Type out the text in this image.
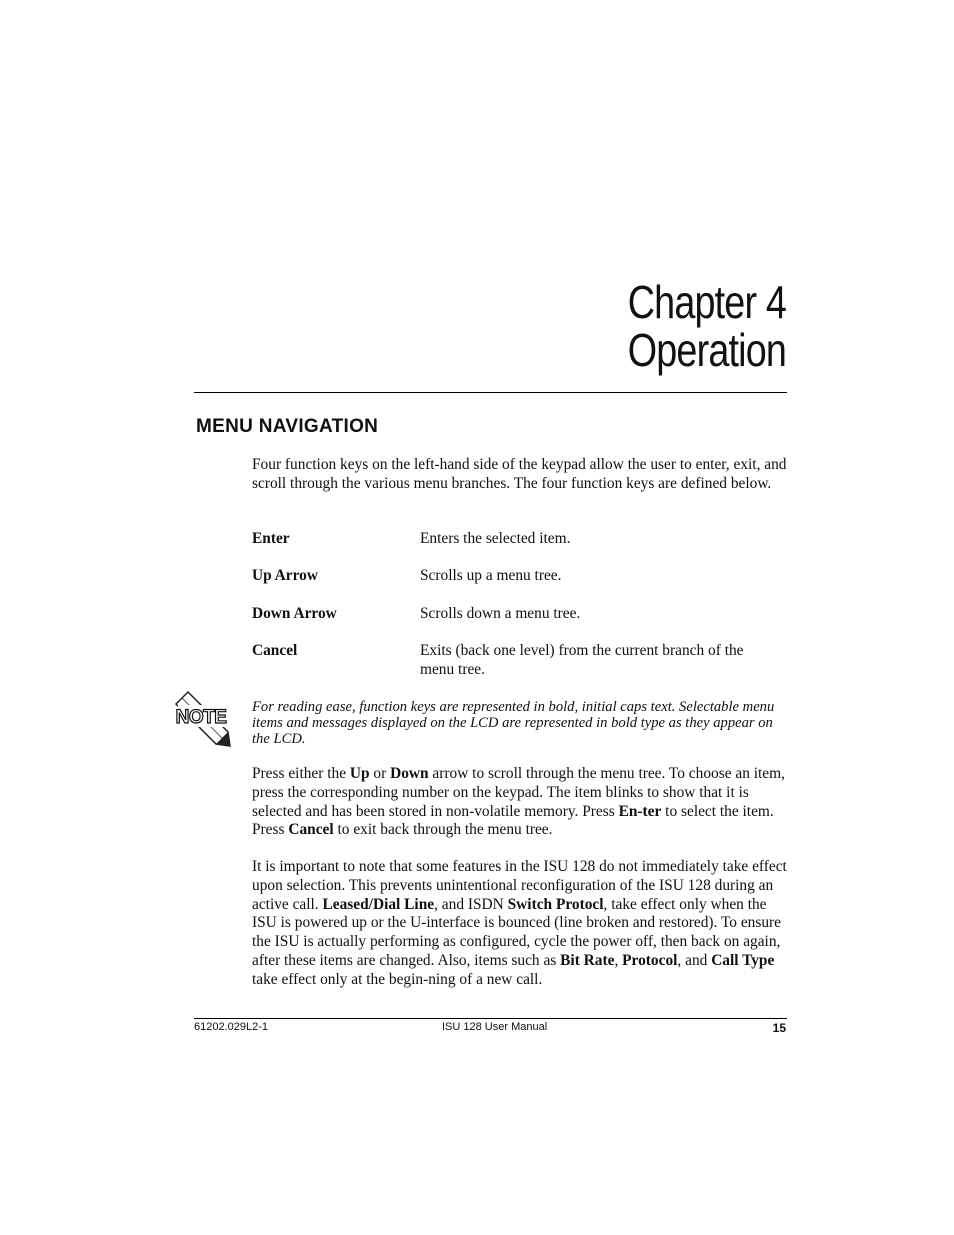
Chapter 4
Operation
MENU NAVIGATION
Four function keys on the left-hand side of the keypad allow the user to enter, exit, and scroll through the various menu branches. The four function keys are defined below.
Enter	Enters the selected item.
Up Arrow	Scrolls up a menu tree.
Down Arrow	Scrolls down a menu tree.
Cancel	Exits (back one level) from the current branch of the menu tree.
NOTE For reading ease, function keys are represented in bold, initial caps text. Selectable menu items and messages displayed on the LCD are represented in bold type as they appear on the LCD.
Press either the Up or Down arrow to scroll through the menu tree. To choose an item, press the corresponding number on the keypad. The item blinks to show that it is selected and has been stored in non-volatile memory. Press En-ter to select the item. Press Cancel to exit back through the menu tree.
It is important to note that some features in the ISU 128 do not immediately take effect upon selection. This prevents unintentional reconfiguration of the ISU 128 during an active call. Leased/Dial Line, and ISDN Switch Protocl, take effect only when the ISU is powered up or the U-interface is bounced (line broken and restored). To ensure the ISU is actually performing as configured, cycle the power off, then back on again, after these items are changed. Also, items such as Bit Rate, Protocol, and Call Type take effect only at the begin-ning of a new call.
61202.029L2-1	ISU 128 User Manual	15
